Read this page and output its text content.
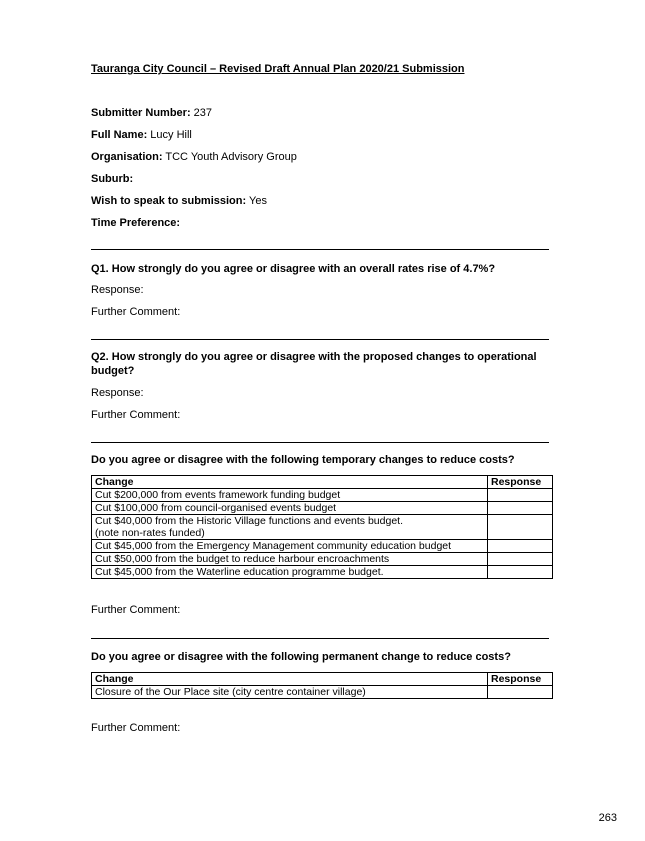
Tauranga City Council – Revised Draft Annual Plan 2020/21 Submission
Submitter Number: 237
Full Name: Lucy Hill
Organisation: TCC Youth Advisory Group
Suburb:
Wish to speak to submission: Yes
Time Preference:
Q1. How strongly do you agree or disagree with an overall rates rise of 4.7%?
Response:
Further Comment:
Q2. How strongly do you agree or disagree with the proposed changes to operational budget?
Response:
Further Comment:
Do you agree or disagree with the following temporary changes to reduce costs?
Change	Response
Cut $200,000 from events framework funding budget	
Cut $100,000 from council-organised events budget	

Cut $40,000 from the Historic Village functions and events budget.
(note non-rates funded)	

Cut $45,000 from the Emergency Management community education budget	
Cut $50,000 from the budget to reduce harbour encroachments	
Cut $45,000 from the Waterline education programme budget.	
Further Comment:
Do you agree or disagree with the following permanent change to reduce costs?
Change	Response
Closure of the Our Place site (city centre container village)	
Further Comment:
263
